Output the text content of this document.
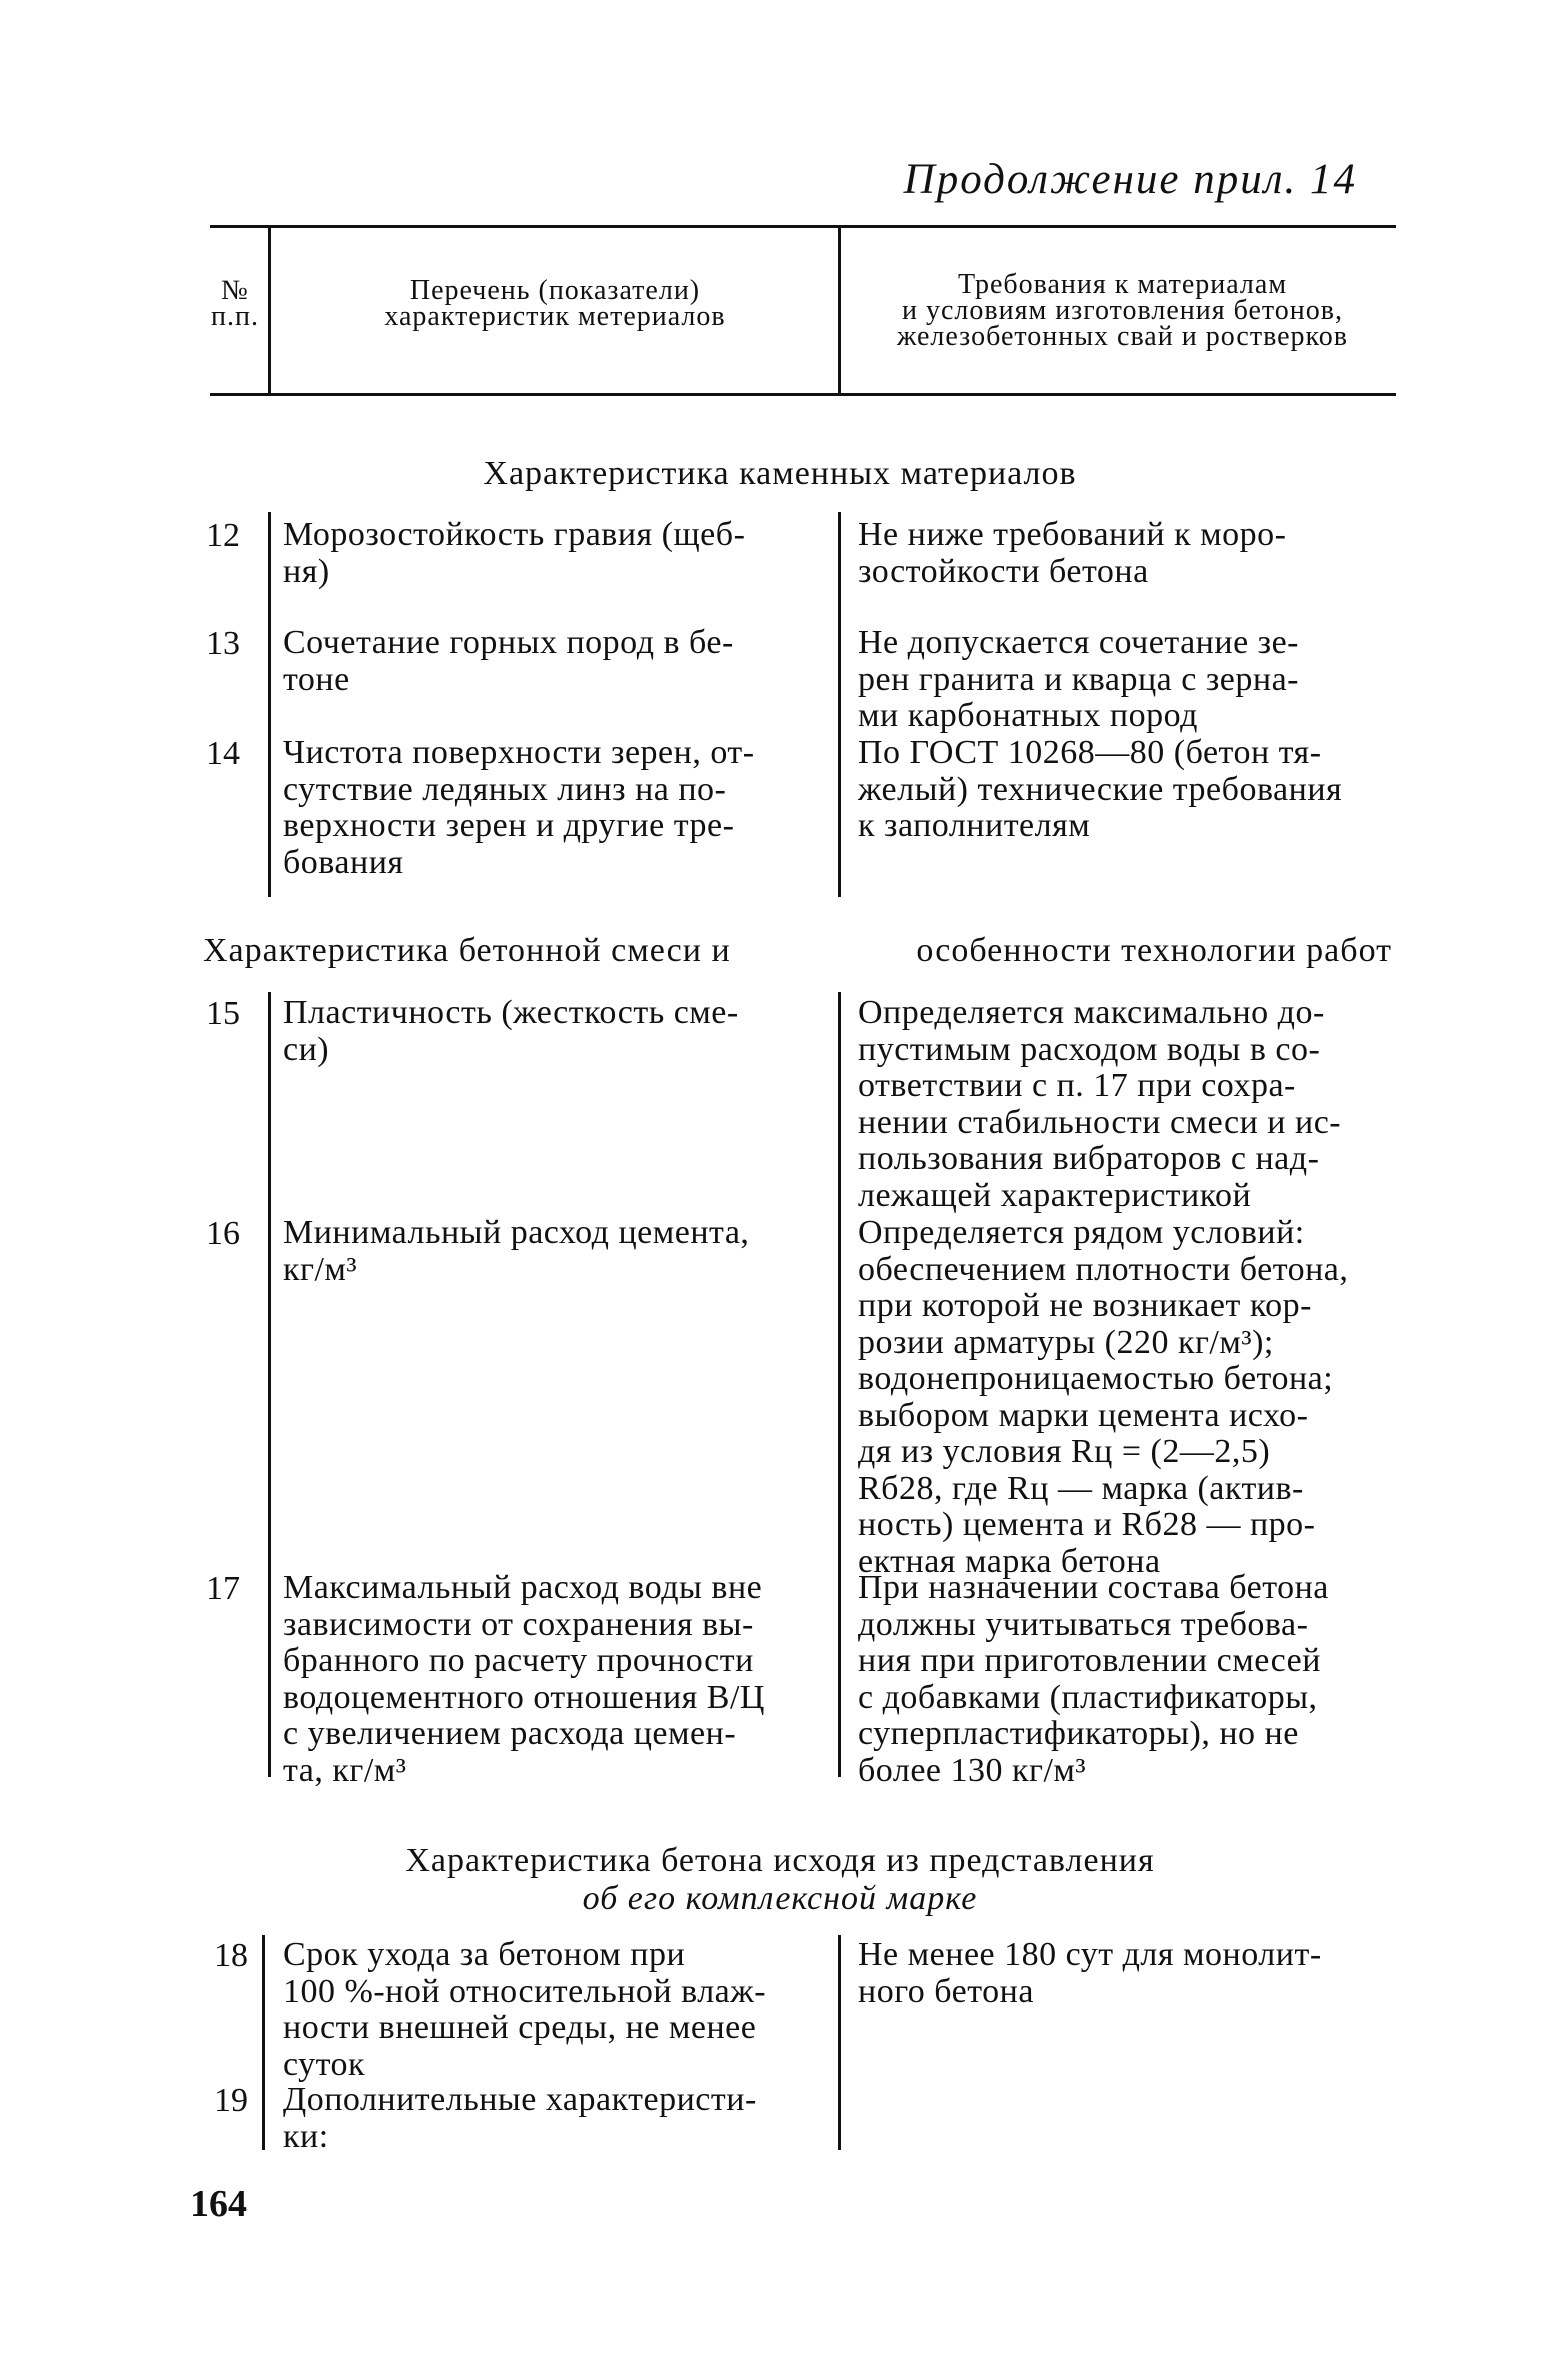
Продолжение прил. 14
№
п.п.
Перечень (показатели)
характеристик метериалов
Требования к материалам
и условиям изготовления бетонов,
железобетонных свай и ростверков
Характеристика каменных материалов
12 Морозостойкость гравия (щеб-
ня)
Не ниже требований к моро-
зостойкости бетона
13 Сочетание горных пород в бе-
тоне
Не допускается сочетание зе-
рен гранита и кварца с зерна-
ми карбонатных пород
14 Чистота поверхности зерен, от-
сутствие ледяных линз на по-
верхности зерен и другие тре-
бования
По ГОСТ 10268—80 (бетон тя-
желый) технические требования
к заполнителям
Характеристика бетонной смеси и	особенности технологии работ
15 Пластичность (жесткость сме-
си)
Определяется максимально до-
пустимым расходом воды в со-
ответствии с п. 17 при сохра-
нении стабильности смеси и ис-
пользования вибраторов с над-
лежащей характеристикой
16 Минимальный расход цемента,
кг/м³
Определяется рядом условий:
обеспечением плотности бетона,
при которой не возникает кор-
розии арматуры (220 кг/м³);
водонепроницаемостью бетона;
выбором марки цемента исхо-
дя из условия Rц = (2—2,5)
Rб28, где Rц — марка (актив-
ность) цемента и Rб28 — про-
ектная марка бетона
17 Максимальный расход воды вне
зависимости от сохранения вы-
бранного по расчету прочности
водоцементного отношения В/Ц
с увеличением расхода цемен-
та, кг/м³
При назначении состава бетона
должны учитываться требова-
ния при приготовлении смесей
с добавками (пластификаторы,
суперпластификаторы), но не
более 130 кг/м³
Характеристика бетона исходя из представления
об его комплексной марке
18 Срок ухода за бетоном при
100 %-ной относительной влаж-
ности внешней среды, не менее
суток
Не менее 180 сут для монолит-
ного бетона
19 Дополнительные характеристи-
ки:
164
